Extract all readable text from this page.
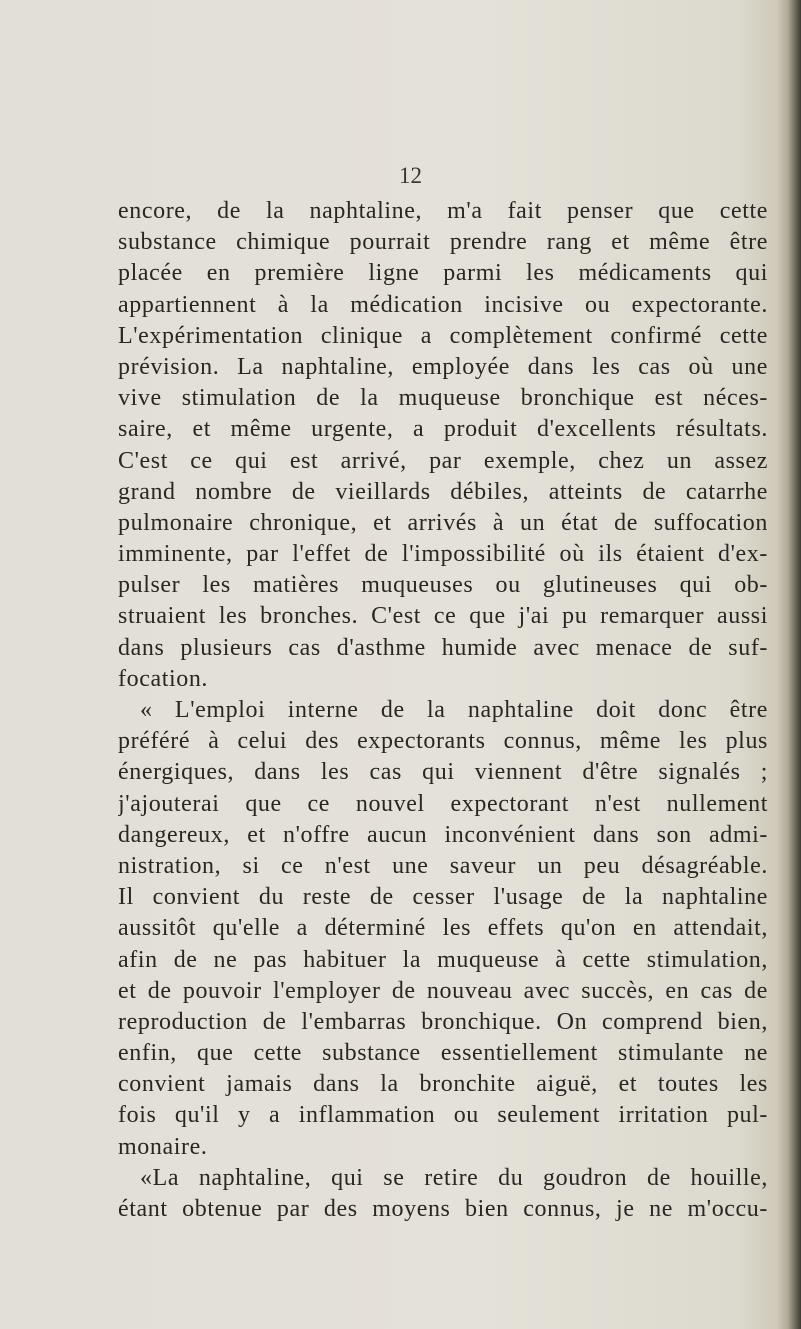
12
encore, de la naphtaline, m'a fait penser que cette
substance chimique pourrait prendre rang et même être
placée en première ligne parmi les médicaments qui
appartiennent à la médication incisive ou expectorante.
L'expérimentation clinique a complètement confirmé cette
prévision. La naphtaline, employée dans les cas où une
vive stimulation de la muqueuse bronchique est néces-
saire, et même urgente, a produit d'excellents résultats.
C'est ce qui est arrivé, par exemple, chez un assez
grand nombre de vieillards débiles, atteints de catarrhe
pulmonaire chronique, et arrivés à un état de suffocation
imminente, par l'effet de l'impossibilité où ils étaient d'ex-
pulser les matières muqueuses ou glutineuses qui ob-
struaient les bronches. C'est ce que j'ai pu remarquer aussi
dans plusieurs cas d'asthme humide avec menace de suf-
focation.
« L'emploi interne de la naphtaline doit donc être
préféré à celui des expectorants connus, même les plus
énergiques, dans les cas qui viennent d'être signalés ;
j'ajouterai que ce nouvel expectorant n'est nullement
dangereux, et n'offre aucun inconvénient dans son admi-
nistration, si ce n'est une saveur un peu désagréable.
Il convient du reste de cesser l'usage de la naphtaline
aussitôt qu'elle a déterminé les effets qu'on en attendait,
afin de ne pas habituer la muqueuse à cette stimulation,
et de pouvoir l'employer de nouveau avec succès, en cas de
reproduction de l'embarras bronchique. On comprend bien,
enfin, que cette substance essentiellement stimulante ne
convient jamais dans la bronchite aiguë, et toutes les
fois qu'il y a inflammation ou seulement irritation pul-
monaire.
«La naphtaline, qui se retire du goudron de houille,
étant obtenue par des moyens bien connus, je ne m'occu-
